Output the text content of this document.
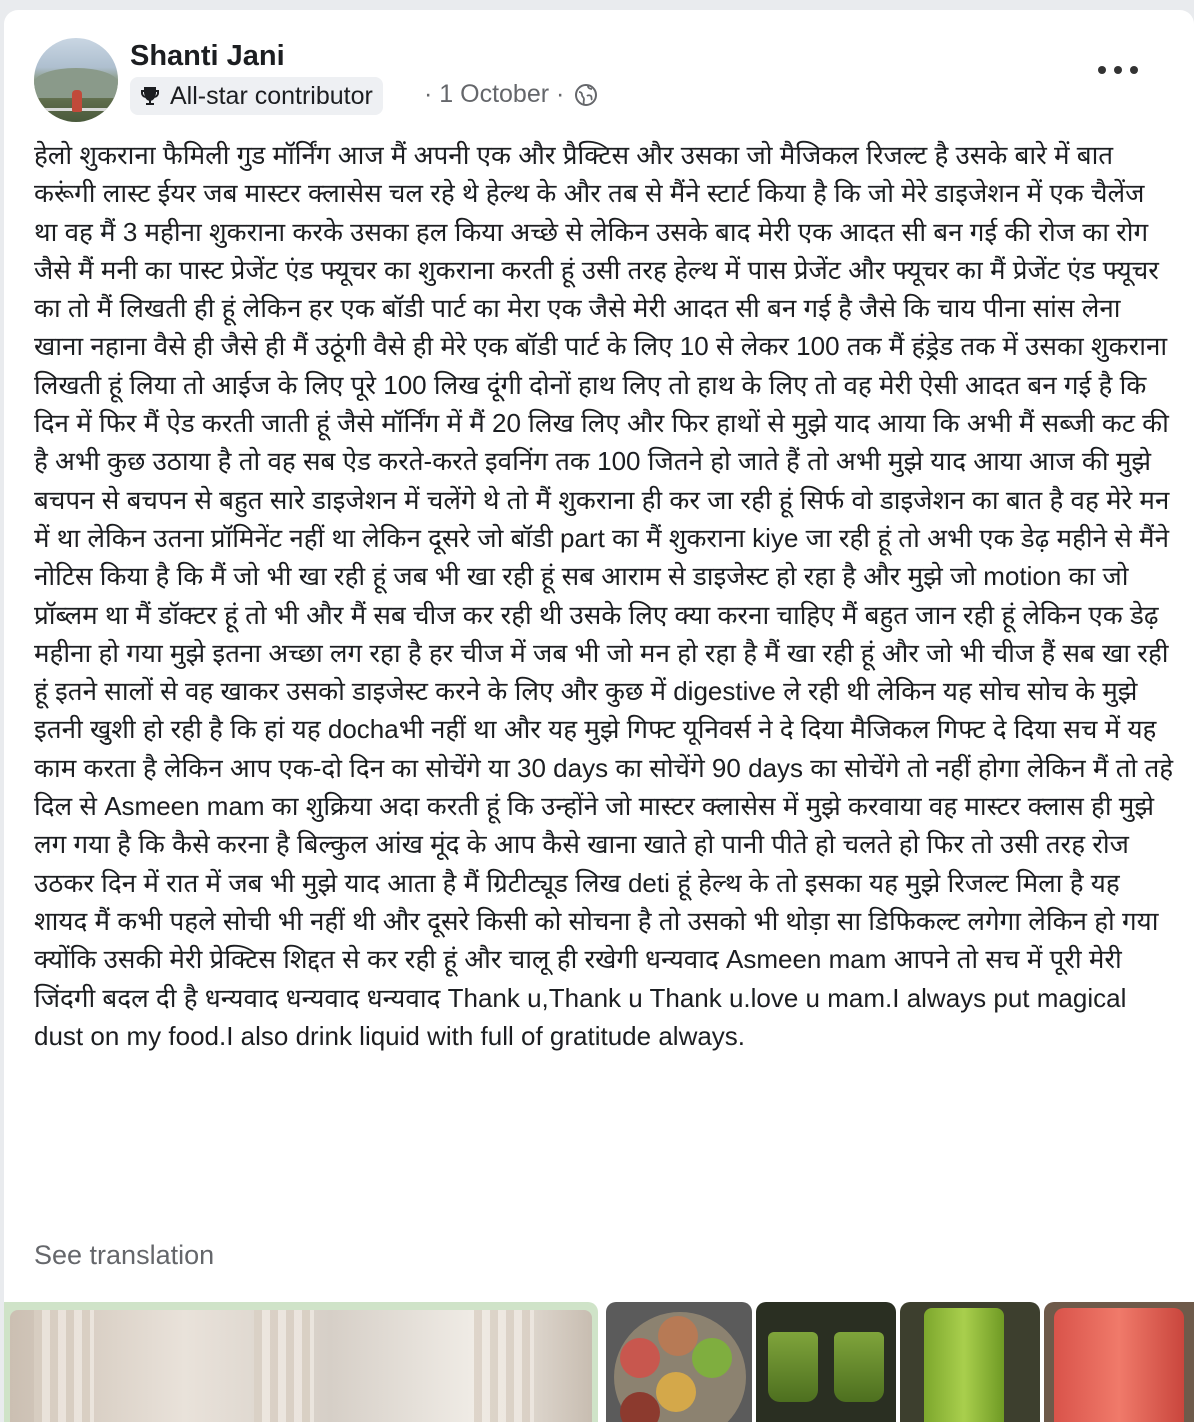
Shanti Jani
All-star contributor · 1 October ·
हेलो शुकराना फैमिली गुड मॉर्निंग आज मैं अपनी एक और प्रैक्टिस और उसका जो मैजिकल रिजल्ट है उसके बारे में बात करूंगी लास्ट ईयर जब मास्टर क्लासेस चल रहे थे हेल्थ के और तब से मैंने स्टार्ट किया है कि जो मेरे डाइजेशन में एक चैलेंज था वह मैं 3 महीना शुकराना करके उसका हल किया अच्छे से लेकिन उसके बाद मेरी एक आदत सी बन गई की रोज का रोग जैसे मैं मनी का पास्ट प्रेजेंट एंड फ्यूचर का शुकराना करती हूं उसी तरह हेल्थ में पास प्रेजेंट और फ्यूचर का मैं प्रेजेंट एंड फ्यूचर का तो मैं लिखती ही हूं लेकिन हर एक बॉडी पार्ट का मेरा एक जैसे मेरी आदत सी बन गई है जैसे कि चाय पीना सांस लेना खाना नहाना वैसे ही जैसे ही मैं उठूंगी वैसे ही मेरे एक बॉडी पार्ट के लिए 10 से लेकर 100 तक मैं हंड्रेड तक में उसका शुकराना लिखती हूं लिया तो आईज के लिए पूरे 100 लिख दूंगी दोनों हाथ लिए तो हाथ के लिए तो वह मेरी ऐसी आदत बन गई है कि दिन में फिर मैं ऐड करती जाती हूं जैसे मॉर्निंग में मैं 20 लिख लिए और फिर हाथों से मुझे याद आया कि अभी मैं सब्जी कट की है अभी कुछ उठाया है तो वह सब ऐड करते-करते इवनिंग तक 100 जितने हो जाते हैं तो अभी मुझे याद आया आज की मुझे बचपन से बचपन से बहुत सारे डाइजेशन में चलेंगे थे तो मैं शुकराना ही कर जा रही हूं सिर्फ वो डाइजेशन का बात है वह मेरे मन में था लेकिन उतना प्रॉमिनेंट नहीं था लेकिन दूसरे जो बॉडी part का मैं शुकराना kiye जा रही हूं तो अभी एक डेढ़ महीने से मैंने नोटिस किया है कि मैं जो भी खा रही हूं जब भी खा रही हूं सब आराम से डाइजेस्ट हो रहा है और मुझे जो motion का जो प्रॉब्लम था मैं डॉक्टर हूं तो भी और मैं सब चीज कर रही थी उसके लिए क्या करना चाहिए मैं बहुत जान रही हूं लेकिन एक डेढ़ महीना हो गया मुझे इतना अच्छा लग रहा है हर चीज में जब भी जो मन हो रहा है मैं खा रही हूं और जो भी चीज हैं सब खा रही हूं इतने सालों से वह खाकर उसको डाइजेस्ट करने के लिए और कुछ में digestive ले रही थी लेकिन यह सोच सोच के मुझे इतनी खुशी हो रही है कि हां यह dochaभी नहीं था और यह मुझे गिफ्ट यूनिवर्स ने दे दिया मैजिकल गिफ्ट दे दिया सच में यह काम करता है लेकिन आप एक-दो दिन का सोचेंगे या 30 days का सोचेंगे 90 days का सोचेंगे तो नहीं होगा लेकिन मैं तो तहे दिल से Asmeen mam का शुक्रिया अदा करती हूं कि उन्होंने जो मास्टर क्लासेस में मुझे करवाया वह मास्टर क्लास ही मुझे लग गया है कि कैसे करना है बिल्कुल आंख मूंद के आप कैसे खाना खाते हो पानी पीते हो चलते हो फिर तो उसी तरह रोज उठकर दिन में रात में जब भी मुझे याद आता है मैं ग्रिटीट्यूड लिख deti हूं हेल्थ के तो इसका यह मुझे रिजल्ट मिला है यह शायद मैं कभी पहले सोची भी नहीं थी और दूसरे किसी को सोचना है तो उसको भी थोड़ा सा डिफिकल्ट लगेगा लेकिन हो गया क्योंकि उसकी मेरी प्रेक्टिस शिद्दत से कर रही हूं और चालू ही रखेगी धन्यवाद Asmeen mam आपने तो सच में पूरी मेरी जिंदगी बदल दी है धन्यवाद धन्यवाद धन्यवाद Thank u,Thank u Thank u.love u mam.I always put magical dust on my food.I also drink liquid with full of gratitude always.
See translation
